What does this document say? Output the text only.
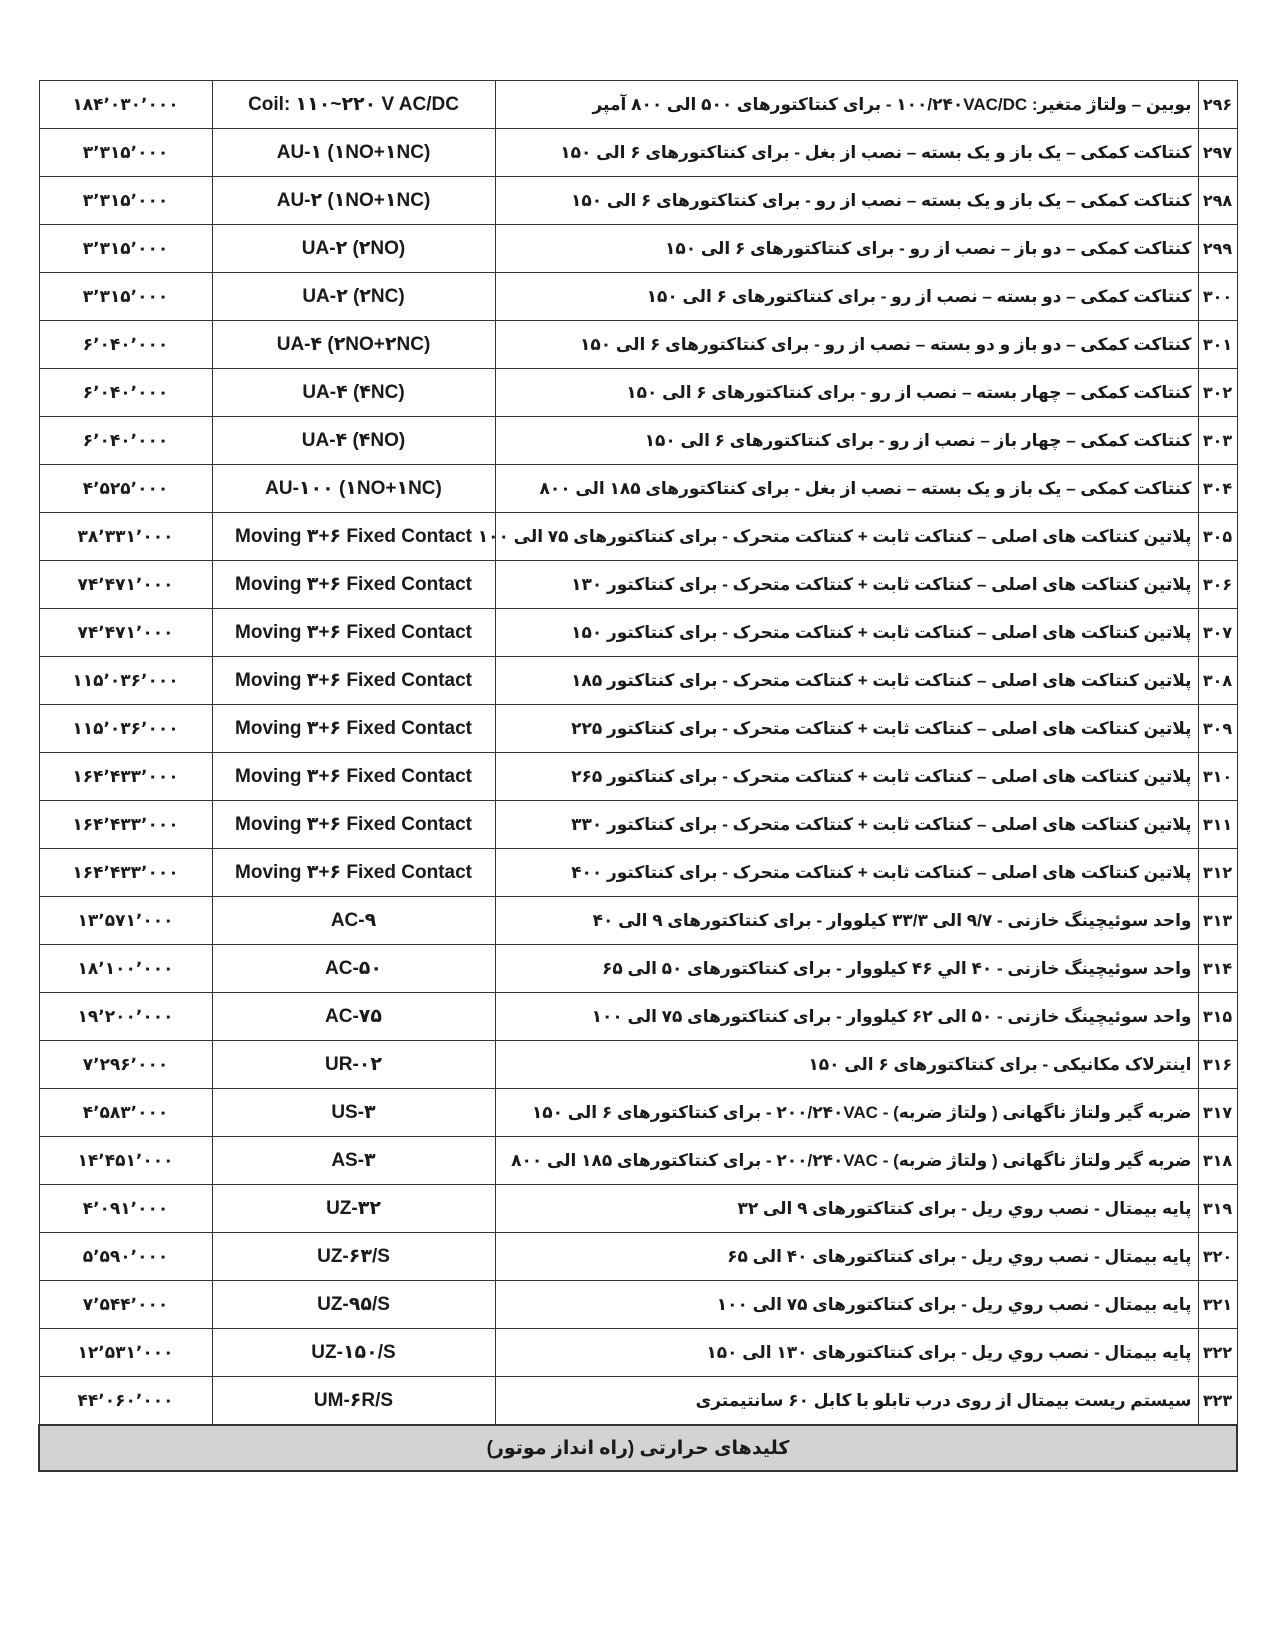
۱۸۴٬۰۳۰٬۰۰۰	Coil: ۱۱۰~۲۲۰ V AC/DC	بوبین – ولتاژ متغیر: ۱۰۰/۲۴۰VAC/DC - برای کنتاکتورهای ۵۰۰ الی ۸۰۰ آمپر	۲۹۶
۳٬۳۱۵٬۰۰۰	AU-۱ (۱NO+۱NC)	کنتاکت کمکی – یک باز و یک بسته – نصب از بغل - برای کنتاکتورهای ۶ الی ۱۵۰	۲۹۷
۳٬۳۱۵٬۰۰۰	AU-۲ (۱NO+۱NC)	کنتاکت کمکی – یک باز و یک بسته – نصب از رو - برای کنتاکتورهای ۶ الی ۱۵۰	۲۹۸
۳٬۳۱۵٬۰۰۰	UA-۲ (۲NO)	کنتاکت کمکی – دو باز – نصب از رو - برای کنتاکتورهای ۶ الی ۱۵۰	۲۹۹
۳٬۳۱۵٬۰۰۰	UA-۲ (۲NC)	کنتاکت کمکی – دو بسته – نصب از رو - برای کنتاکتورهای ۶ الی ۱۵۰	۳۰۰
۶٬۰۴۰٬۰۰۰	UA-۴ (۲NO+۲NC)	کنتاکت کمکی – دو باز و دو بسته – نصب از رو - برای کنتاکتورهای ۶ الی ۱۵۰	۳۰۱
۶٬۰۴۰٬۰۰۰	UA-۴ (۴NC)	کنتاکت کمکی – چهار بسته – نصب از رو - برای کنتاکتورهای ۶ الی ۱۵۰	۳۰۲
۶٬۰۴۰٬۰۰۰	UA-۴ (۴NO)	کنتاکت کمکی – چهار باز – نصب از رو - برای کنتاکتورهای ۶ الی ۱۵۰	۳۰۳
۴٬۵۲۵٬۰۰۰	AU-۱۰۰ (۱NO+۱NC)	کنتاکت کمکی – یک باز و یک بسته – نصب از بغل - برای کنتاکتورهای ۱۸۵ الی ۸۰۰	۳۰۴
۳۸٬۳۳۱٬۰۰۰	Moving ۳+۶ Fixed Contact	پلاتین کنتاکت های اصلی – کنتاکت ثابت + کنتاکت متحرک - برای کنتاکتورهای ۷۵ الی ۱۰۰	۳۰۵
۷۴٬۴۷۱٬۰۰۰	Moving ۳+۶ Fixed Contact	پلاتین کنتاکت های اصلی – کنتاکت ثابت + کنتاکت متحرک - برای کنتاکتور ۱۳۰	۳۰۶
۷۴٬۴۷۱٬۰۰۰	Moving ۳+۶ Fixed Contact	پلاتین کنتاکت های اصلی – کنتاکت ثابت + کنتاکت متحرک - برای کنتاکتور ۱۵۰	۳۰۷
۱۱۵٬۰۳۶٬۰۰۰	Moving ۳+۶ Fixed Contact	پلاتین کنتاکت های اصلی – کنتاکت ثابت + کنتاکت متحرک - برای کنتاکتور ۱۸۵	۳۰۸
۱۱۵٬۰۳۶٬۰۰۰	Moving ۳+۶ Fixed Contact	پلاتین کنتاکت های اصلی – کنتاکت ثابت + کنتاکت متحرک - برای کنتاکتور ۲۲۵	۳۰۹
۱۶۴٬۴۳۳٬۰۰۰	Moving ۳+۶ Fixed Contact	پلاتین کنتاکت های اصلی – کنتاکت ثابت + کنتاکت متحرک - برای کنتاکتور ۲۶۵	۳۱۰
۱۶۴٬۴۳۳٬۰۰۰	Moving ۳+۶ Fixed Contact	پلاتین کنتاکت های اصلی – کنتاکت ثابت + کنتاکت متحرک - برای کنتاکتور ۳۳۰	۳۱۱
۱۶۴٬۴۳۳٬۰۰۰	Moving ۳+۶ Fixed Contact	پلاتین کنتاکت های اصلی – کنتاکت ثابت + کنتاکت متحرک - برای کنتاکتور ۴۰۰	۳۱۲
۱۳٬۵۷۱٬۰۰۰	AC-۹	واحد سوئیچینگ خازنی - ۹/۷ الی ۳۳/۳ کیلووار - برای کنتاکتورهای ۹ الی ۴۰	۳۱۳
۱۸٬۱۰۰٬۰۰۰	AC-۵۰	واحد سوئیچینگ خازنی - ۴۰ الي ۴۶ کیلووار - برای کنتاکتورهای ۵۰ الی ۶۵	۳۱۴
۱۹٬۲۰۰٬۰۰۰	AC-۷۵	واحد سوئیچینگ خازنی - ۵۰ الی ۶۲ کیلووار - برای کنتاکتورهای ۷۵ الی ۱۰۰	۳۱۵
۷٬۲۹۶٬۰۰۰	UR-۰۲	اینترلاک مکانیکی - برای کنتاکتورهای ۶ الی ۱۵۰	۳۱۶
۴٬۵۸۳٬۰۰۰	US-۳	ضربه گیر ولتاژ ناگهانی ( ولتاژ ضربه) - ۲۰۰/۲۴۰VAC - برای کنتاکتورهای ۶ الی ۱۵۰	۳۱۷
۱۴٬۴۵۱٬۰۰۰	AS-۳	ضربه گیر ولتاژ ناگهانی ( ولتاژ ضربه) - ۲۰۰/۲۴۰VAC - برای کنتاکتورهای ۱۸۵ الی ۸۰۰	۳۱۸
۴٬۰۹۱٬۰۰۰	UZ-۳۲	پایه بیمتال - نصب روي ريل - برای کنتاکتورهای ۹ الی ۳۲	۳۱۹
۵٬۵۹۰٬۰۰۰	UZ-۶۳/S	پایه بیمتال - نصب روي ريل - برای کنتاکتورهای ۴۰ الی ۶۵	۳۲۰
۷٬۵۴۴٬۰۰۰	UZ-۹۵/S	پایه بیمتال - نصب روي ريل - برای کنتاکتورهای ۷۵ الی ۱۰۰	۳۲۱
۱۲٬۵۳۱٬۰۰۰	UZ-۱۵۰/S	پایه بیمتال - نصب روي ريل - برای کنتاکتورهای ۱۳۰ الی ۱۵۰	۳۲۲
۴۴٬۰۶۰٬۰۰۰	UM-۶R/S	سیستم ریست بیمتال از روی درب تابلو با کابل ۶۰ سانتیمتری	۳۲۳
کلیدهای حرارتی (راه انداز موتور)			
